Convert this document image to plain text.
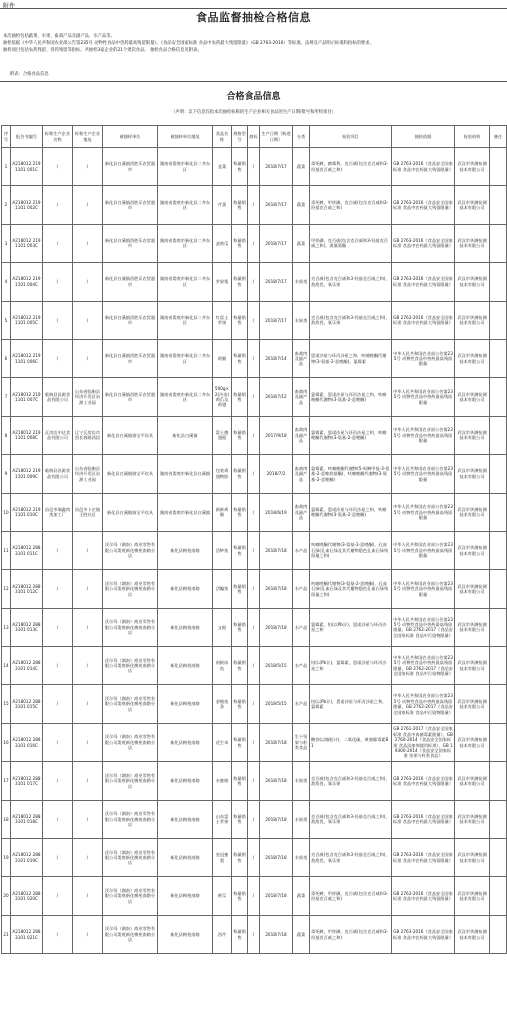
附件
食品监督抽检合格信息

本次抽检包括蔬菜、水果、畜禽产品及副产品、水产品等。

抽检依据《中华人民共和国农业部公告第235号 动物性食品中兽药最高残留限量》、《食品安全国家标准 食品中农药最大残留限量》（GB 2763-2016）等标准。法规及产品明示标准和指标的要求。

抽检项目包括农药残留、兽药残留等指标。共抽检3家企业的21个批次食品。 抽检食品合格信息见附表。

附表：合格食品信息
合格食品信息
（声明：以下信息仅指本次抽检标称的生产企业相关食品的生产日期/批号和所检项目）
序号	报告书编号	标称生产企业名称	标称生产企业地址	被抽样单位	被抽样单位地址	食品名称	规格型号	商标	生产日期（购进日期）	分类	检验项目	抽检依据	检验机构	备注
1	A218012 2191101 001C	/	/	新化县白溪镇西胜乐农贸超市	湖南省娄底市新化县二井东区	韭菜	称量销售	/	2018/7/17	蔬菜	毒死蜱，腐霉利，克百威(包含克百威和3-羟基克百威之和)	GB 2763-2016《食品安全国家标准 食品中农药最大残留限量》	武汉市华测检测技术有限公司	
2	A218012 2191101 002C	/	/	新化县白溪镇西胜乐农贸超市	湖南省娄底市新化县二井东区	芹菜	称量销售	/	2018/7/17	蔬菜	毒死蜱，甲拌磷，克百威(包含克百威和3-羟基克百威之和)	GB 2763-2016《食品安全国家标准 食品中农药最大残留限量》	武汉市华测检测技术有限公司	
3	A218012 2191101 003C	/	/	新化县白溪镇西胜乐农贸超市	湖南省娄底市新化县二井东区	凌黄瓜	称量销售	/	2018/7/17	蔬菜	甲拌磷，克百威(包含克百威和3-羟基克百威之和)，溴氰菊酯	GB 2763-2016《食品安全国家标准 食品中农药最大残留限量》	武汉市华测检测技术有限公司	
4	A218012 2191101 004C	/	/	新化县白溪镇西胜乐农贸超市	湖南省娄底市新化县二井东区	苹果梨	称量销售	/	2018/7/17	水果类	克百威(包含克百威和3-羟基克百威之和)，敌敌畏，氧乐果	GB 2763-2016《食品安全国家标准 食品中农药最大残留限量》	武汉市华测检测技术有限公司	
5	A218012 2191101 005C	/	/	新化县白溪镇西胜乐农贸超市	湖南省娄底市新化县二井东区	红富士苹果	称量销售	/	2018/7/17	水果类	克百威(包含克百威和3-羟基克百威之和)，敌敌畏，氧乐果	GB 2763-2016《食品安全国家标准 食品中农药最大残留限量》	武汉市华测检测技术有限公司	
6	A218012 2191101 006C	/	/	新化县白溪镇西胜乐农贸超市	湖南省娄底市新化县二井东区	鸡腿	称量销售	/	2018/7/14	畜禽肉及副产品	恩诺沙星与环丙沙星之和，呋喃唑酮代谢物(3-氨基-2-恶唑酮)，氯霉素	中华人民共和国农业部公告第235号 动物性食品中兽药最高残留限量	武汉市华测检测技术有限公司	
7	A218012 2191101 007C	临朐县昌源食品有限公司	山东省临朐县经济开发区冶源工业园	新化县白溪镇西胜乐农贸超市	湖南省娄底市新化县二井东区	500g×2(冷冻)鸡爪及鸡翅	称量销售	/	2018/7/12	畜禽肉及副产品	氯霉素，恩诺沙星与环丙沙星之和，呋喃唑酮代谢物(3-氨基-2-恶唑酮)	中华人民共和国农业部公告第235号 动物性食品中兽药最高残留限量	武汉市华测检测技术有限公司	
8	A218012 2191101 008C	瓦房店中达食品有限公司	辽宁瓦房店市西长春路西段	新化县白溪镇骆宝平炊具	新化县白溪镇	富士德翅根	称量销售	/	2017/9/18	畜禽肉及副产品	氯霉素，恩诺沙星与环丙沙星之和，呋喃唑酮代谢物(3-氨基-2-恶唑酮)	中华人民共和国农业部公告第235号 动物性食品中兽药最高残留限量	武汉市华测检测技术有限公司	
9	A218012 2191101 009C	临朐县昌源食品有限公司	山东省临朐县经济开发区冶源工业园	新化县白溪镇骆宝平炊具	湖南省娄底市新化县白溪镇	包装鸡翅鸭胗	称量销售	/	2018/7/2	畜禽肉及副产品	氯霉素，呋喃唑酮代谢物(5-吗啉甲基-3-氨基-2-恶唑烷基酮)，呋喃唑酮代谢物(3-氨基-2-恶唑酮)	中华人民共和国农业部公告第235号 动物性食品中兽药最高残留限量	武汉市华测检测技术有限公司	
10	A218012 2191101 010C	昌邑市瑞鑫肉类加工厂	昌邑市卜庄镇王胜社区	新化县白溪镇骆宝平炊具	湖南省娄底市新化县白溪镇	新鲜鸡腿	称量销售	/	2018/6/19	畜禽肉及副产品	氯霉素，恩诺沙星与环丙沙星之和，呋喃唑酮代谢物(3-氨基-2-恶唑酮)	中华人民共和国农业部公告第235号 动物性食品中兽药最高残留限量	武汉市华测检测技术有限公司	
11	A218012 2883101 011C	/	/	沃尔玛（湖南）商业零售有限公司娄底新化梅苑南路分店	新化县梅苑南路	活鲈鱼	称量销售	/	2018/7/18	水产品	呋喃唑酮代谢物(3-氨基-2-恶唑酮)，孔雀石绿(孔雀石绿及其代谢物隐色孔雀石绿残留量之和)	中华人民共和国农业部公告第235号 动物性食品中兽药最高残留限量	武汉市华测检测技术有限公司	
12	A218012 2883101 012C	/	/	沃尔玛（湖南）商业零售有限公司娄底新化梅苑南路分店	新化县梅苑南路	活鳊鱼	称量销售	/	2018/7/18	水产品	呋喃唑酮代谢物(3-氨基-2-恶唑酮)，孔雀石绿(孔雀石绿及其代谢物隐色孔雀石绿残留量之和)	中华人民共和国农业部公告第235号 动物性食品中兽药最高残留限量	武汉市华测检测技术有限公司	
13	A218012 2883101 013C	/	/	沃尔玛（湖南）商业零售有限公司娄底新化梅苑南路分店	新化县梅苑南路	文蛤	称量销售	/	2018/7/18	水产品	氯霉素，铅(以Pb计)，恩诺沙星与环丙沙星之和	中华人民共和国农业部公告第235号 动物性食品中兽药最高残留限量，GB 2762-2017《食品安全国家标准 食品中污染物限量》	武汉市华测检测技术有限公司	
14	A218012 2883101 014C	/	/	沃尔玛（湖南）商业零售有限公司娄底新化梅苑南路分店	新化县梅苑南路	南极冰鱼	称量销售	/	2018/5/15	水产品	铅(以Pb计)，氯霉素，恩诺沙星与环丙沙星之和	中华人民共和国农业部公告第235号 动物性食品中兽药最高残留限量，GB 2762-2017《食品安全国家标准 食品中污染物限量》	武汉市华测检测技术有限公司	
15	A218012 2883101 015C	/	/	沃尔玛（湖南）商业零售有限公司娄底新化梅苑南路分店	新化县梅苑南路	金鲳鱼条	称量销售	/	2018/5/15	水产品	铅(以Pb计)，恩诺沙星与环丙沙星之和，氯霉素	中华人民共和国农业部公告第235号 动物性食品中兽药最高残留限量，GB 2762-2017《食品安全国家标准 食品中污染物限量》	武汉市华测检测技术有限公司	
16	A218012 2883101 016C	/	/	沃尔玛（湖南）商业零售有限公司娄底新化梅苑南路分店	新化县梅苑南路	花生米	称量销售	/	2018/7/18	生干坚果与籽类食品	酸价(以脂肪计)，二氧化硫，黄曲霉毒素B1	GB 2761-2017《食品安全国家标准 食品中真菌毒素限量》，GB 2760-2014《食品安全国家标准 食品添加剂使用标准》，GB 19300-2014《食品安全国家标准 坚果与籽类食品》	武汉市华测检测技术有限公司	
17	A218012 2883101 017C	/	/	沃尔玛（湖南）商业零售有限公司娄底新化梅苑南路分店	新化县梅苑南路	水蜜桃	称量销售	/	2018/7/18	水果类	克百威(包含克百威和3-羟基克百威之和)，敌敌畏，氧乐果	GB 2763-2016《食品安全国家标准 食品中农药最大残留限量》	武汉市华测检测技术有限公司	
18	A218012 2883101 018C	/	/	沃尔玛（湖南）商业零售有限公司娄底新化梅苑南路分店	新化县梅苑南路	山东富士苹果	称量销售	/	2018/7/18	水果类	克百威(包含克百威和3-羟基克百威之和)，敌敌畏，氧乐果	GB 2763-2016《食品安全国家标准 食品中农药最大残留限量》	武汉市华测检测技术有限公司	
19	A218012 2883101 019C	/	/	沃尔玛（湖南）商业零售有限公司娄底新化梅苑南路分店	新化县梅苑南路	皇冠蜜梨	称量销售	/	2018/7/18	水果类	克百威(包含克百威和3-羟基克百威之和)，敌敌畏，氧乐果	GB 2763-2016《食品安全国家标准 食品中农药最大残留限量》	武汉市华测检测技术有限公司	
20	A218012 2883101 020C	/	/	沃尔玛（湖南）商业零售有限公司娄底新化梅苑南路分店	新化县梅苑南路	黄瓜	称量销售	/	2018/7/18	蔬菜	毒死蜱，甲拌磷，克百威(包含克百威和3-羟基克百威之和)	GB 2763-2016《食品安全国家标准 食品中农药最大残留限量》	武汉市华测检测技术有限公司	
21	A218012 2883101 021C	/	/	沃尔玛（湖南）商业零售有限公司娄底新化梅苑南路分店	新化县梅苑南路	西芹	称量销售	/	2018/7/18	蔬菜	毒死蜱，甲拌磷，克百威(包含克百威和3-羟基克百威之和)	GB 2763-2016《食品安全国家标准 食品中农药最大残留限量》	武汉市华测检测技术有限公司	
